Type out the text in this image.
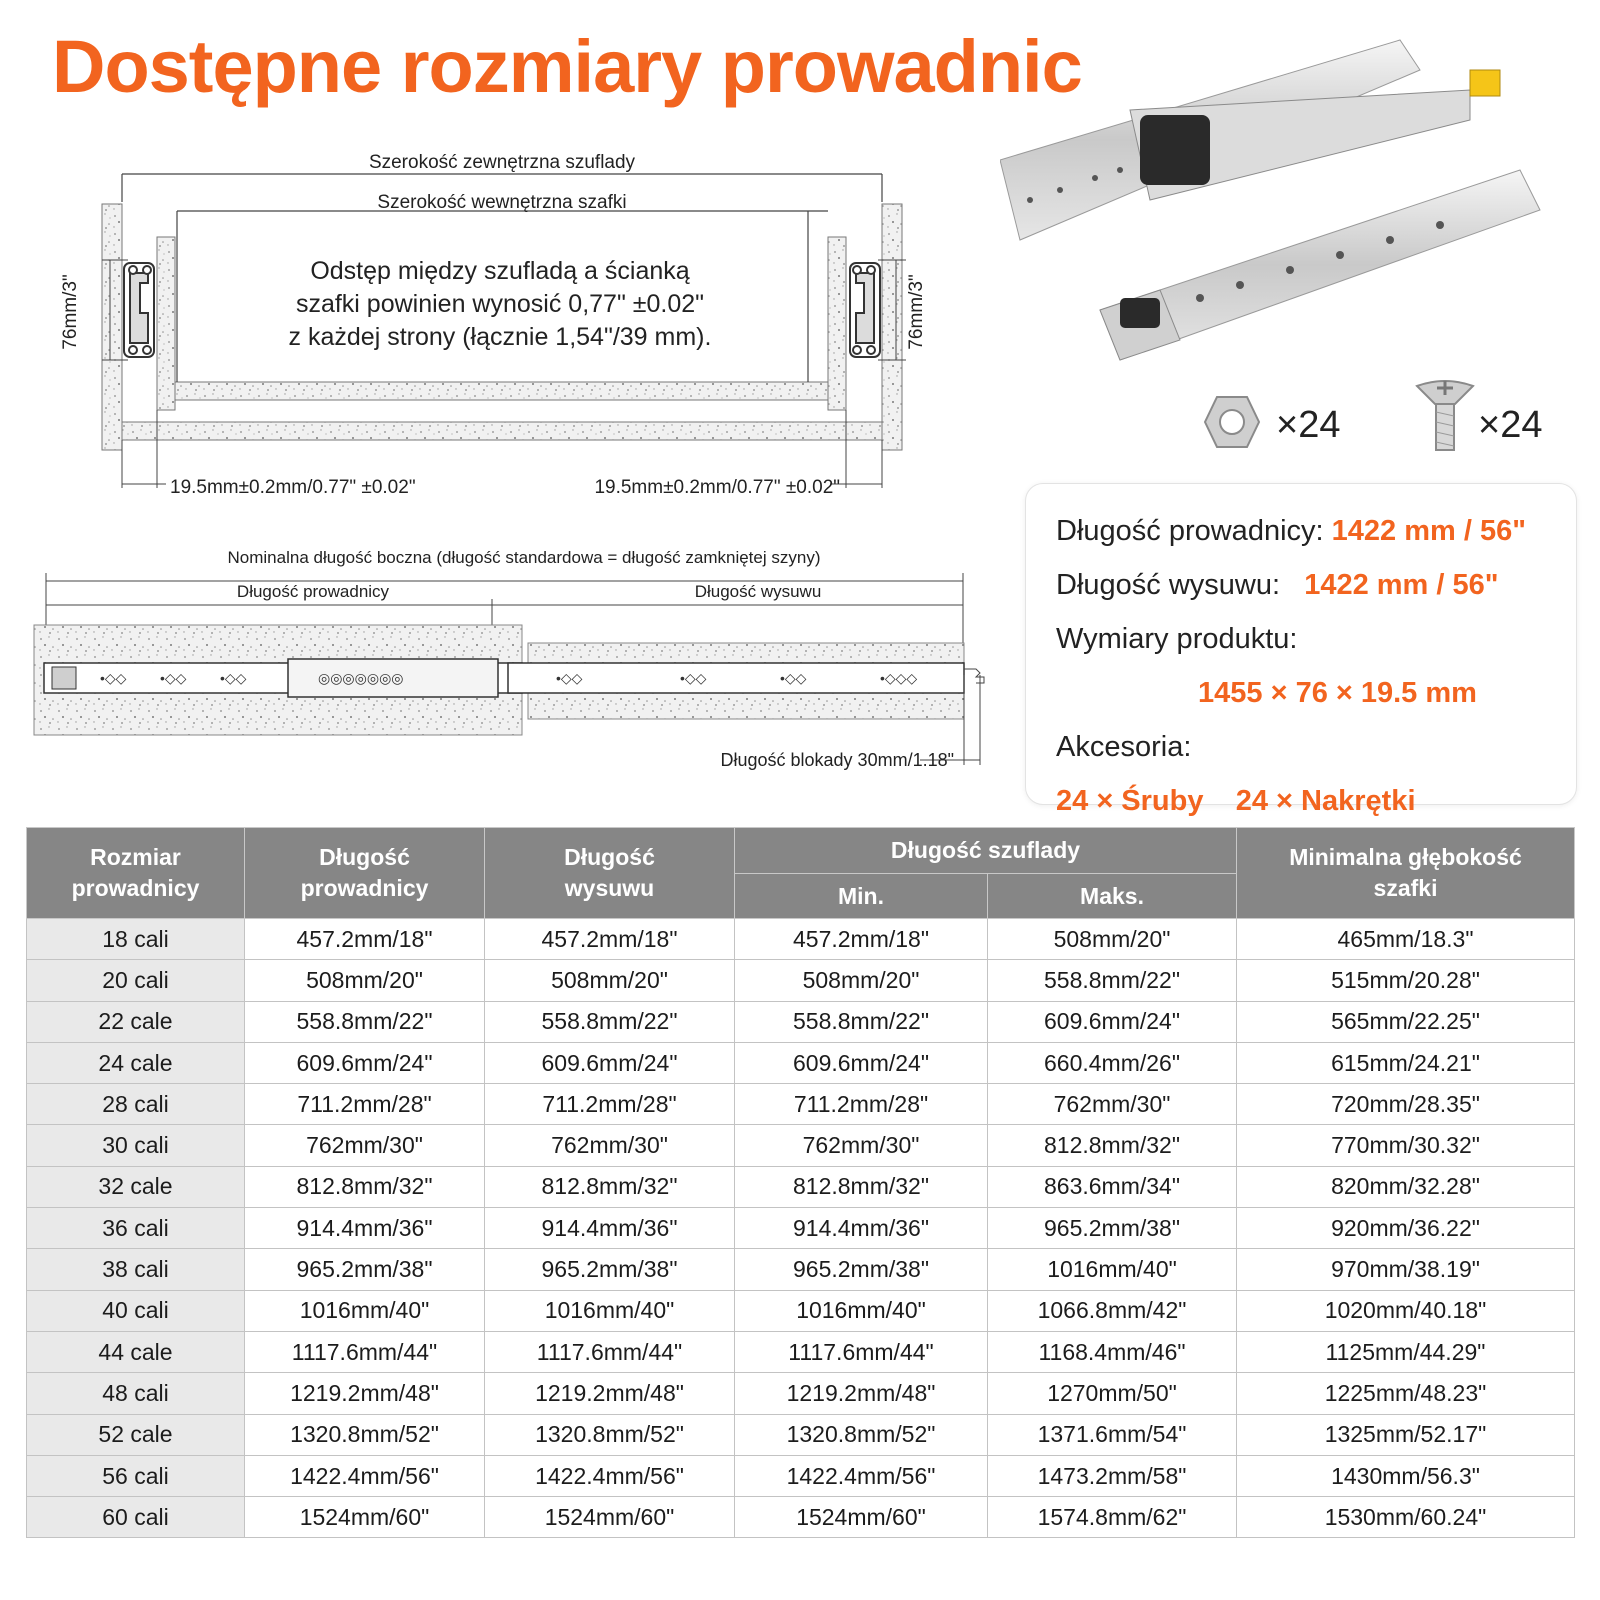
Dostępne rozmiary prowadnic
Szerokość zewnętrzna szuflady
Szerokość wewnętrzna szafki
76mm/3"	76mm/3"
19.5mm±0.2mm/0.77" ±0.02"	19.5mm±0.2mm/0.77" ±0.02"
Odstęp między szufladą a ścianką
szafki powinien wynosić 0,77" ±0.02"
z każdej strony (łącznie 1,54"/39 mm).
Nominalna długość boczna (długość standardowa = długość zamkniętej szyny)
Długość prowadnicy	Długość wysuwu
•◇◇ •◇◇ •◇◇	◎◎◎◎◎◎◎	•◇◇	•◇◇	•◇◇	•◇◇◇
Długość blokady 30mm/1.18"
×24	×24
Długość prowadnicy: 1422 mm / 56"
Długość wysuwu: 1422 mm / 56"
Wymiary produktu:
1455 × 76 × 19.5 mm
Akcesoria:
24 × Śruby 24 × Nakrętki
Rozmiar prowadnicy	Długość prowadnicy	Długość wysuwu	Długość szuflady		Minimalna głębokość szafki

			Min.	Maks.	
18 cali	457.2mm/18"	457.2mm/18"	457.2mm/18"	508mm/20"	465mm/18.3"
20 cali	508mm/20"	508mm/20"	508mm/20"	558.8mm/22"	515mm/20.28"
22 cale	558.8mm/22"	558.8mm/22"	558.8mm/22"	609.6mm/24"	565mm/22.25"
24 cale	609.6mm/24"	609.6mm/24"	609.6mm/24"	660.4mm/26"	615mm/24.21"
28 cali	711.2mm/28"	711.2mm/28"	711.2mm/28"	762mm/30"	720mm/28.35"
30 cali	762mm/30"	762mm/30"	762mm/30"	812.8mm/32"	770mm/30.32"
32 cale	812.8mm/32"	812.8mm/32"	812.8mm/32"	863.6mm/34"	820mm/32.28"
36 cali	914.4mm/36"	914.4mm/36"	914.4mm/36"	965.2mm/38"	920mm/36.22"
38 cali	965.2mm/38"	965.2mm/38"	965.2mm/38"	1016mm/40"	970mm/38.19"
40 cali	1016mm/40"	1016mm/40"	1016mm/40"	1066.8mm/42"	1020mm/40.18"
44 cale	1117.6mm/44"	1117.6mm/44"	1117.6mm/44"	1168.4mm/46"	1125mm/44.29"
48 cali	1219.2mm/48"	1219.2mm/48"	1219.2mm/48"	1270mm/50"	1225mm/48.23"
52 cale	1320.8mm/52"	1320.8mm/52"	1320.8mm/52"	1371.6mm/54"	1325mm/52.17"
56 cali	1422.4mm/56"	1422.4mm/56"	1422.4mm/56"	1473.2mm/58"	1430mm/56.3"
60 cali	1524mm/60"	1524mm/60"	1524mm/60"	1574.8mm/62"	1530mm/60.24"
